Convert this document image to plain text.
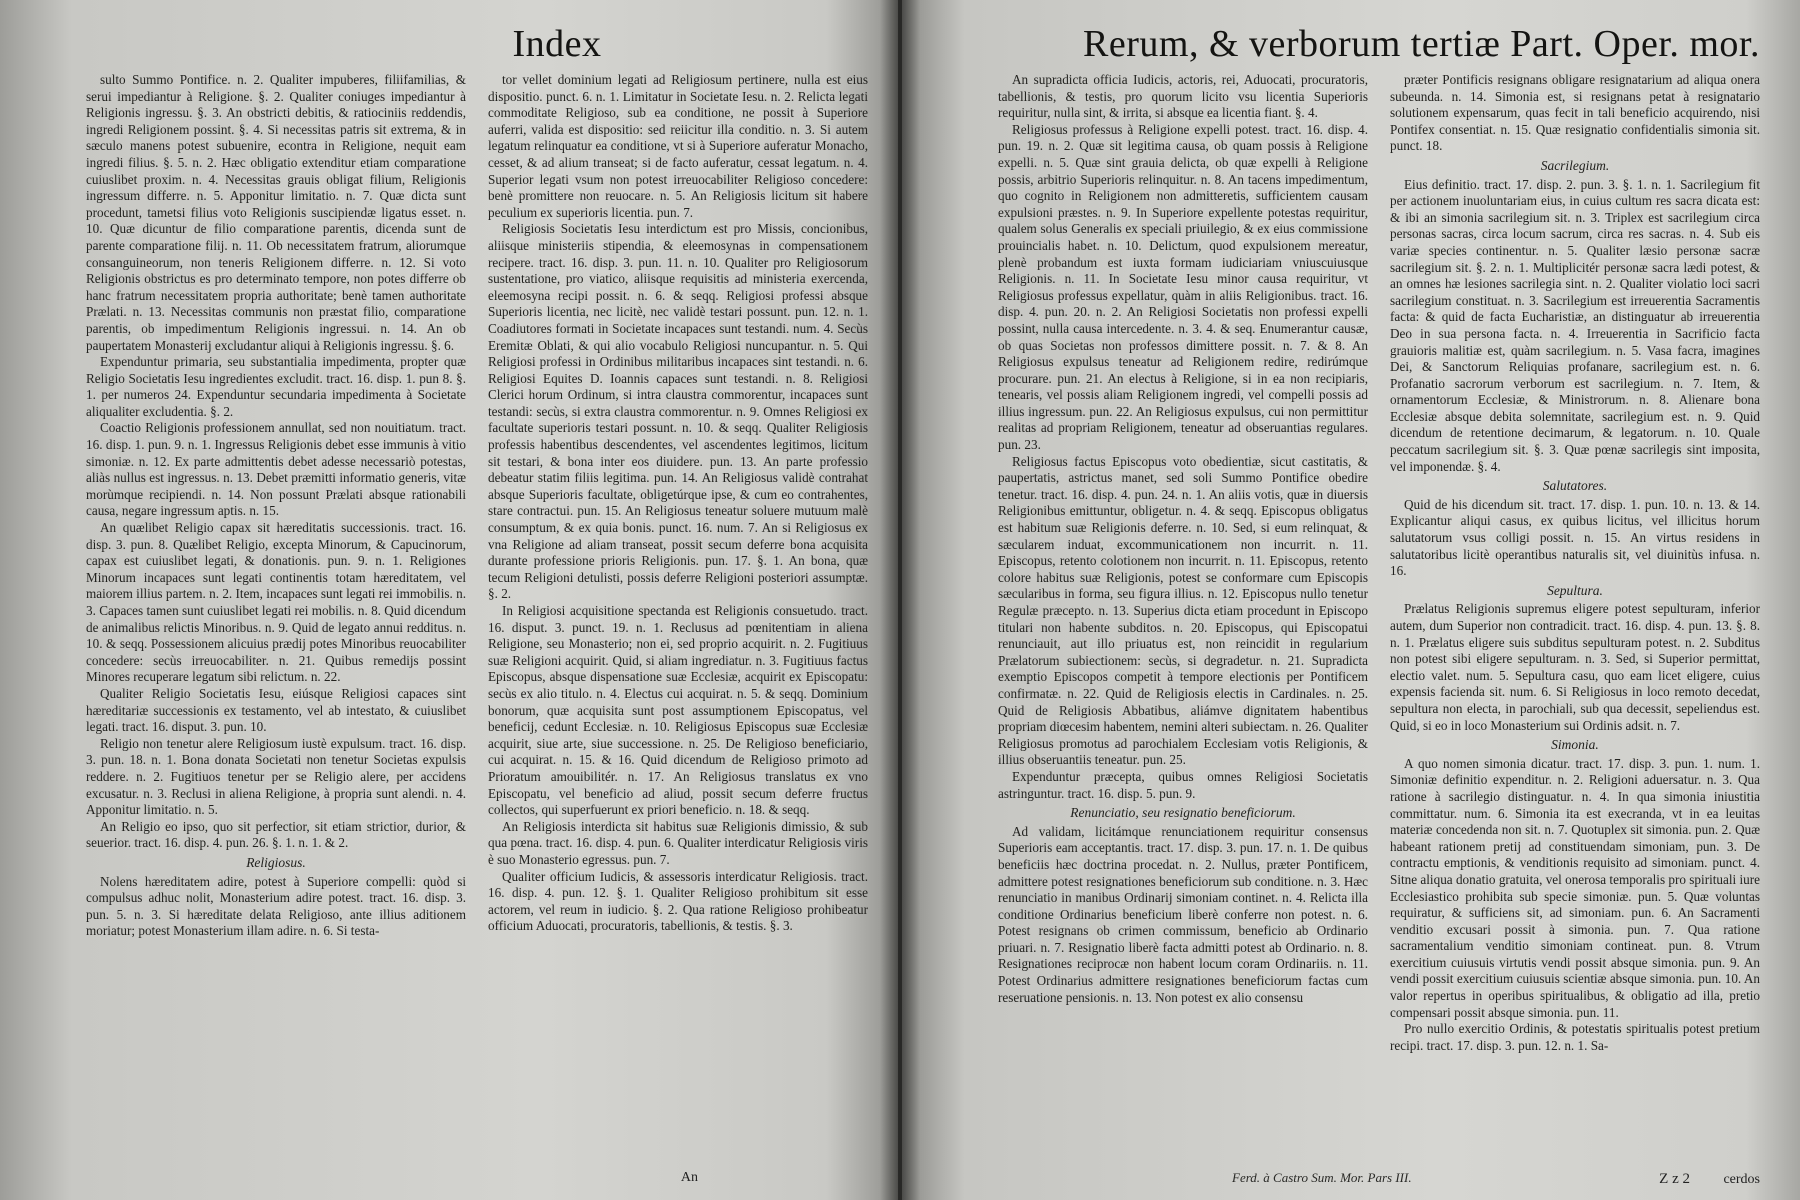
Index

sulto Summo Pontifice. n. 2. Qualiter impuberes, filiifamilias, & serui impediantur à Religione. §. 2. Qualiter coniuges impediantur à Religionis ingressu. §. 3. An obstricti debitis, & ratiociniis reddendis, ingredi Religionem possint. §. 4. Si necessitas patris sit extrema, & in sæculo manens potest subuenire, econtra in Religione, nequit eam ingredi filius. §. 5. n. 2. Hæc obligatio extenditur etiam comparatione cuiuslibet proxim. n. 4. Necessitas grauis obligat filium, Religionis ingressum differre. n. 5. Apponitur limitatio. n. 7. Quæ dicta sunt procedunt, tametsi filius voto Religionis suscipiendæ ligatus esset. n. 10. Quæ dicuntur de filio comparatione parentis, dicenda sunt de parente comparatione filij. n. 11. Ob necessitatem fratrum, aliorumque consanguineorum, non teneris Religionem differre. n. 12. Si voto Religionis obstrictus es pro determinato tempore, non potes differre ob hanc fratrum necessitatem propria authoritate; benè tamen authoritate Prælati. n. 13. Necessitas communis non præstat filio, comparatione parentis, ob impedimentum Religionis ingressui. n. 14. An ob paupertatem Monasterij excludantur aliqui à Religionis ingressu. §. 6.

Expenduntur primaria, seu substantialia impedimenta, propter quæ Religio Societatis Iesu ingredientes excludit. tract. 16. disp. 1. pun 8. §. 1. per numeros 24. Expenduntur secundaria impedimenta à Societate aliqualiter excludentia. §. 2.

Coactio Religionis professionem annullat, sed non nouitiatum. tract. 16. disp. 1. pun. 9. n. 1. Ingressus Religionis debet esse immunis à vitio simoniæ. n. 12. Ex parte admittentis debet adesse necessariò potestas, aliàs nullus est ingressus. n. 13. Debet præmitti informatio generis, vitæ morùmque recipiendi. n. 14. Non possunt Prælati absque rationabili causa, negare ingressum aptis. n. 15.

An quælibet Religio capax sit hæreditatis successionis. tract. 16. disp. 3. pun. 8. Quælibet Religio, excepta Minorum, & Capucinorum, capax est cuiuslibet legati, & donationis. pun. 9. n. 1. Religiones Minorum incapaces sunt legati continentis totam hæreditatem, vel maiorem illius partem. n. 2. Item, incapaces sunt legati rei immobilis. n. 3. Capaces tamen sunt cuiuslibet legati rei mobilis. n. 8. Quid dicendum de animalibus relictis Minoribus. n. 9. Quid de legato annui redditus. n. 10. & seqq. Possessionem alicuius prædij potes Minoribus reuocabiliter concedere: secùs irreuocabiliter. n. 21. Quibus remedijs possint Minores recuperare legatum sibi relictum. n. 22.

Qualiter Religio Societatis Iesu, eiúsque Religiosi capaces sint hæreditariæ successionis ex testamento, vel ab intestato, & cuiuslibet legati. tract. 16. disput. 3. pun. 10.

Religio non tenetur alere Religiosum iustè expulsum. tract. 16. disp. 3. pun. 18. n. 1. Bona donata Societati non tenetur Societas expulsis reddere. n. 2. Fugitiuos tenetur per se Religio alere, per accidens excusatur. n. 3. Reclusi in aliena Religione, à propria sunt alendi. n. 4. Apponitur limitatio. n. 5.

An Religio eo ipso, quo sit perfectior, sit etiam strictior, durior, & seuerior. tract. 16. disp. 4. pun. 26. §. 1. n. 1. & 2.

Religiosus.

Nolens hæreditatem adire, potest à Superiore compelli: quòd si compulsus adhuc nolit, Monasterium adire potest. tract. 16. disp. 3. pun. 5. n. 3. Si hæreditate delata Religioso, ante illius aditionem moriatur; potest Monasterium illam adire. n. 6. Si testa-

tor vellet dominium legati ad Religiosum pertinere, nulla est eius dispositio. punct. 6. n. 1. Limitatur in Societate Iesu. n. 2. Relicta legati commoditate Religioso, sub ea conditione, ne possit à Superiore auferri, valida est dispositio: sed reiicitur illa conditio. n. 3. Si autem legatum relinquatur ea conditione, vt si à Superiore auferatur Monacho, cesset, & ad alium transeat; si de facto auferatur, cessat legatum. n. 4. Superior legati vsum non potest irreuocabiliter Religioso concedere: benè promittere non reuocare. n. 5. An Religiosis licitum sit habere peculium ex superioris licentia. pun. 7.

Religiosis Societatis Iesu interdictum est pro Missis, concionibus, aliisque ministeriis stipendia, & eleemosynas in compensationem recipere. tract. 16. disp. 3. pun. 11. n. 10. Qualiter pro Religiosorum sustentatione, pro viatico, aliisque requisitis ad ministeria exercenda, eleemosyna recipi possit. n. 6. & seqq. Religiosi professi absque Superioris licentia, nec licitè, nec validè testari possunt. pun. 12. n. 1. Coadiutores formati in Societate incapaces sunt testandi. num. 4. Secùs Eremitæ Oblati, & qui alio vocabulo Religiosi nuncupantur. n. 5. Qui Religiosi professi in Ordinibus militaribus incapaces sint testandi. n. 6. Religiosi Equites D. Ioannis capaces sunt testandi. n. 8. Religiosi Clerici horum Ordinum, si intra claustra commorentur, incapaces sunt testandi: secùs, si extra claustra commorentur. n. 9. Omnes Religiosi ex facultate superioris testari possunt. n. 10. & seqq. Qualiter Religiosis professis habentibus descendentes, vel ascendentes legitimos, licitum sit testari, & bona inter eos diuidere. pun. 13. An parte professio debeatur statim filiis legitima. pun. 14. An Religiosus validè contrahat absque Superioris facultate, obligetúrque ipse, & cum eo contrahentes, stare contractui. pun. 15. An Religiosus teneatur soluere mutuum malè consumptum, & ex quia bonis. punct. 16. num. 7. An si Religiosus ex vna Religione ad aliam transeat, possit secum deferre bona acquisita durante professione prioris Religionis. pun. 17. §. 1. An bona, quæ tecum Religioni detulisti, possis deferre Religioni posteriori assumptæ. §. 2.

In Religiosi acquisitione spectanda est Religionis consuetudo. tract. 16. disput. 3. punct. 19. n. 1. Reclusus ad pœnitentiam in aliena Religione, seu Monasterio; non ei, sed proprio acquirit. n. 2. Fugitiuus suæ Religioni acquirit. Quid, si aliam ingrediatur. n. 3. Fugitiuus factus Episcopus, absque dispensatione suæ Ecclesiæ, acquirit ex Episcopatu: secùs ex alio titulo. n. 4. Electus cui acquirat. n. 5. & seqq. Dominium bonorum, quæ acquisita sunt post assumptionem Episcopatus, vel beneficij, cedunt Ecclesiæ. n. 10. Religiosus Episcopus suæ Ecclesiæ acquirit, siue arte, siue successione. n. 25. De Religioso beneficiario, cui acquirat. n. 15. & 16. Quid dicendum de Religioso primoto ad Prioratum amouibilitér. n. 17. An Religiosus translatus ex vno Episcopatu, vel beneficio ad aliud, possit secum deferre fructus collectos, qui superfuerunt ex priori beneficio. n. 18. & seqq.

An Religiosis interdicta sit habitus suæ Religionis dimissio, & sub qua pœna. tract. 16. disp. 4. pun. 6. Qualiter interdicatur Religiosis viris è suo Monasterio egressus. pun. 7.

Qualiter officium Iudicis, & assessoris interdicatur Religiosis. tract. 16. disp. 4. pun. 12. §. 1. Qualiter Religioso prohibitum sit esse actorem, vel reum in iudicio. §. 2. Qua ratione Religioso prohibeatur officium Aduocati, procuratoris, tabellionis, & testis. §. 3.

An
Rerum, & verborum tertiæ Part. Oper. mor.

An supradicta officia Iudicis, actoris, rei, Aduocati, procuratoris, tabellionis, & testis, pro quorum licito vsu licentia Superioris requiritur, nulla sint, & irrita, si absque ea licentia fiant. §. 4.

Religiosus professus à Religione expelli potest. tract. 16. disp. 4. pun. 19. n. 2. Quæ sit legitima causa, ob quam possis à Religione expelli. n. 5. Quæ sint grauia delicta, ob quæ expelli à Religione possis, arbitrio Superioris relinquitur. n. 8. An tacens impedimentum, quo cognito in Religionem non admitteretis, sufficientem causam expulsioni præstes. n. 9. In Superiore expellente potestas requiritur, qualem solus Generalis ex speciali priuilegio, & ex eius commissione prouincialis habet. n. 10. Delictum, quod expulsionem mereatur, plenè probandum est iuxta formam iudiciariam vniuscuiusque Religionis. n. 11. In Societate Iesu minor causa requiritur, vt Religiosus professus expellatur, quàm in aliis Religionibus. tract. 16. disp. 4. pun. 20. n. 2. An Religiosi Societatis non professi expelli possint, nulla causa intercedente. n. 3. 4. & seq. Enumerantur causæ, ob quas Societas non professos dimittere possit. n. 7. & 8. An Religiosus expulsus teneatur ad Religionem redire, redirúmque procurare. pun. 21. An electus à Religione, si in ea non recipiaris, tenearis, vel possis aliam Religionem ingredi, vel compelli possis ad illius ingressum. pun. 22. An Religiosus expulsus, cui non permittitur realitas ad propriam Religionem, teneatur ad obseruantias regulares. pun. 23.

Religiosus factus Episcopus voto obedientiæ, sicut castitatis, & paupertatis, astrictus manet, sed soli Summo Pontifice obedire tenetur. tract. 16. disp. 4. pun. 24. n. 1. An aliis votis, quæ in diuersis Religionibus emittuntur, obligetur. n. 4. & seqq. Episcopus obligatus est habitum suæ Religionis deferre. n. 10. Sed, si eum relinquat, & sæcularem induat, excommunicationem non incurrit. n. 11. Episcopus, retento colotionem non incurrit. n. 11. Episcopus, retento colore habitus suæ Religionis, potest se conformare cum Episcopis sæcularibus in forma, seu figura illius. n. 12. Episcopus nullo tenetur Regulæ præcepto. n. 13. Superius dicta etiam procedunt in Episcopo titulari non habente subditos. n. 20. Episcopus, qui Episcopatui renunciauit, aut illo priuatus est, non reincidit in regularium Prælatorum subiectionem: secùs, si degradetur. n. 21. Supradicta exemptio Episcopos competit à tempore electionis per Pontificem confirmatæ. n. 22. Quid de Religiosis electis in Cardinales. n. 25. Quid de Religiosis Abbatibus, aliámve dignitatem habentibus propriam diœcesim habentem, nemini alteri subiectam. n. 26. Qualiter Religiosus promotus ad parochialem Ecclesiam votis Religionis, & illius obseruantiis teneatur. pun. 25.

Expenduntur præcepta, quibus omnes Religiosi Societatis astringuntur. tract. 16. disp. 5. pun. 9.

Renunciatio, seu resignatio beneficiorum.

Ad validam, licitámque renunciationem requiritur consensus Superioris eam acceptantis. tract. 17. disp. 3. pun. 17. n. 1. De quibus beneficiis hæc doctrina procedat. n. 2. Nullus, præter Pontificem, admittere potest resignationes beneficiorum sub conditione. n. 3. Hæc renunciatio in manibus Ordinarij simoniam continet. n. 4. Relicta illa conditione Ordinarius beneficium liberè conferre non potest. n. 6. Potest resignans ob crimen commissum, beneficio ab Ordinario priuari. n. 7. Resignatio liberè facta admitti potest ab Ordinario. n. 8. Resignationes reciprocæ non habent locum coram Ordinariis. n. 11. Potest Ordinarius admittere resignationes beneficiorum factas cum reseruatione pensionis. n. 13. Non potest ex alio consensu

præter Pontificis resignans obligare resignatarium ad aliqua onera subeunda. n. 14. Simonia est, si resignans petat à resignatario solutionem expensarum, quas fecit in tali beneficio acquirendo, nisi Pontifex consentiat. n. 15. Quæ resignatio confidentialis simonia sit. punct. 18.

Sacrilegium.

Eius definitio. tract. 17. disp. 2. pun. 3. §. 1. n. 1. Sacrilegium fit per actionem inuoluntariam eius, in cuius cultum res sacra dicata est: & ibi an simonia sacrilegium sit. n. 3. Triplex est sacrilegium circa personas sacras, circa locum sacrum, circa res sacras. n. 4. Sub eis variæ species continentur. n. 5. Qualiter læsio personæ sacræ sacrilegium sit. §. 2. n. 1. Multiplicitér personæ sacra lædi potest, & an omnes hæ lesiones sacrilegia sint. n. 2. Qualiter violatio loci sacri sacrilegium constituat. n. 3. Sacrilegium est irreuerentia Sacramentis facta: & quid de facta Eucharistiæ, an distinguatur ab irreuerentia Deo in sua persona facta. n. 4. Irreuerentia in Sacrificio facta grauioris malitiæ est, quàm sacrilegium. n. 5. Vasa facra, imagines Dei, & Sanctorum Reliquias profanare, sacrilegium est. n. 6. Profanatio sacrorum verborum est sacrilegium. n. 7. Item, & ornamentorum Ecclesiæ, & Ministrorum. n. 8. Alienare bona Ecclesiæ absque debita solemnitate, sacrilegium est. n. 9. Quid dicendum de retentione decimarum, & legatorum. n. 10. Quale peccatum sacrilegium sit. §. 3. Quæ pœnæ sacrilegis sint imposita, vel imponendæ. §. 4.

Salutatores.

Quid de his dicendum sit. tract. 17. disp. 1. pun. 10. n. 13. & 14. Explicantur aliqui casus, ex quibus licitus, vel illicitus horum salutatorum vsus colligi possit. n. 15. An virtus residens in salutatoribus licitè operantibus naturalis sit, vel diuinitùs infusa. n. 16.

Sepultura.

Prælatus Religionis supremus eligere potest sepulturam, inferior autem, dum Superior non contradicit. tract. 16. disp. 4. pun. 13. §. 8. n. 1. Prælatus eligere suis subditus sepulturam potest. n. 2. Subditus non potest sibi eligere sepulturam. n. 3. Sed, si Superior permittat, electio valet. num. 5. Sepultura casu, quo eam licet eligere, cuius expensis facienda sit. num. 6. Si Religiosus in loco remoto decedat, sepultura non electa, in parochiali, sub qua decessit, sepeliendus est. Quid, si eo in loco Monasterium sui Ordinis adsit. n. 7.

Simonia.

A quo nomen simonia dicatur. tract. 17. disp. 3. pun. 1. num. 1. Simoniæ definitio expenditur. n. 2. Religioni aduersatur. n. 3. Qua ratione à sacrilegio distinguatur. n. 4. In qua simonia iniustitia committatur. num. 6. Simonia ita est execranda, vt in ea leuitas materiæ concedenda non sit. n. 7. Quotuplex sit simonia. pun. 2. Quæ habeant rationem pretij ad constituendam simoniam, pun. 3. De contractu emptionis, & venditionis requisito ad simoniam. punct. 4. Sitne aliqua donatio gratuita, vel onerosa temporalis pro spirituali iure Ecclesiastico prohibita sub specie simoniæ. pun. 5. Quæ voluntas requiratur, & sufficiens sit, ad simoniam. pun. 6. An Sacramenti venditio excusari possit à simonia. pun. 7. Qua ratione sacramentalium venditio simoniam contineat. pun. 8. Vtrum exercitium cuiusuis virtutis vendi possit absque simonia. pun. 9. An vendi possit exercitium cuiusuis scientiæ absque simonia. pun. 10. An valor repertus in operibus spiritualibus, & obligatio ad illa, pretio compensari possit absque simonia. pun. 11.

Pro nullo exercitio Ordinis, & potestatis spiritualis potest pretium recipi. tract. 17. disp. 3. pun. 12. n. 1. Sa-

Ferd. à Castro Sum. Mor. Pars III.	Z z 2 cerdos
